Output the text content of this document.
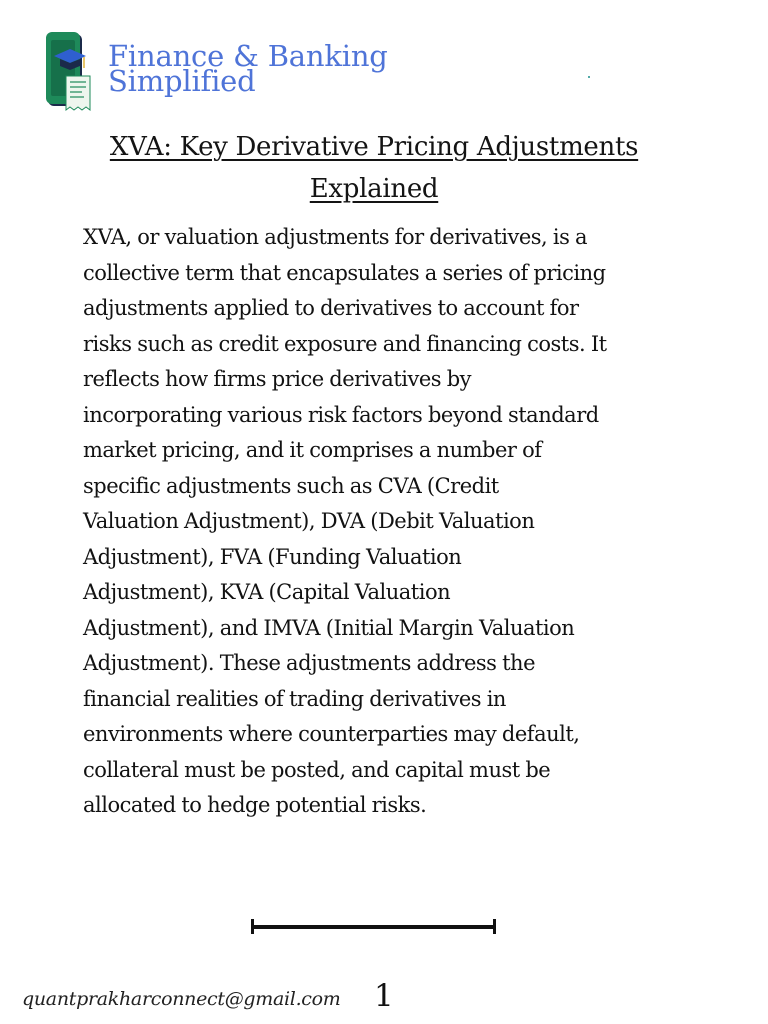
Finance & Banking
Simplified
XVA: Key Derivative Pricing Adjustments
Explained
XVA, or valuation adjustments for derivatives, is a
collective term that encapsulates a series of pricing
adjustments applied to derivatives to account for
risks such as credit exposure and financing costs. It
reflects how firms price derivatives by
incorporating various risk factors beyond standard
market pricing, and it comprises a number of
specific adjustments such as CVA (Credit
Valuation Adjustment), DVA (Debit Valuation
Adjustment), FVA (Funding Valuation
Adjustment), KVA (Capital Valuation
Adjustment), and IMVA (Initial Margin Valuation
Adjustment). These adjustments address the
financial realities of trading derivatives in
environments where counterparties may default,
collateral must be posted, and capital must be
allocated to hedge potential risks.
quantprakharconnect@gmail.com 1
